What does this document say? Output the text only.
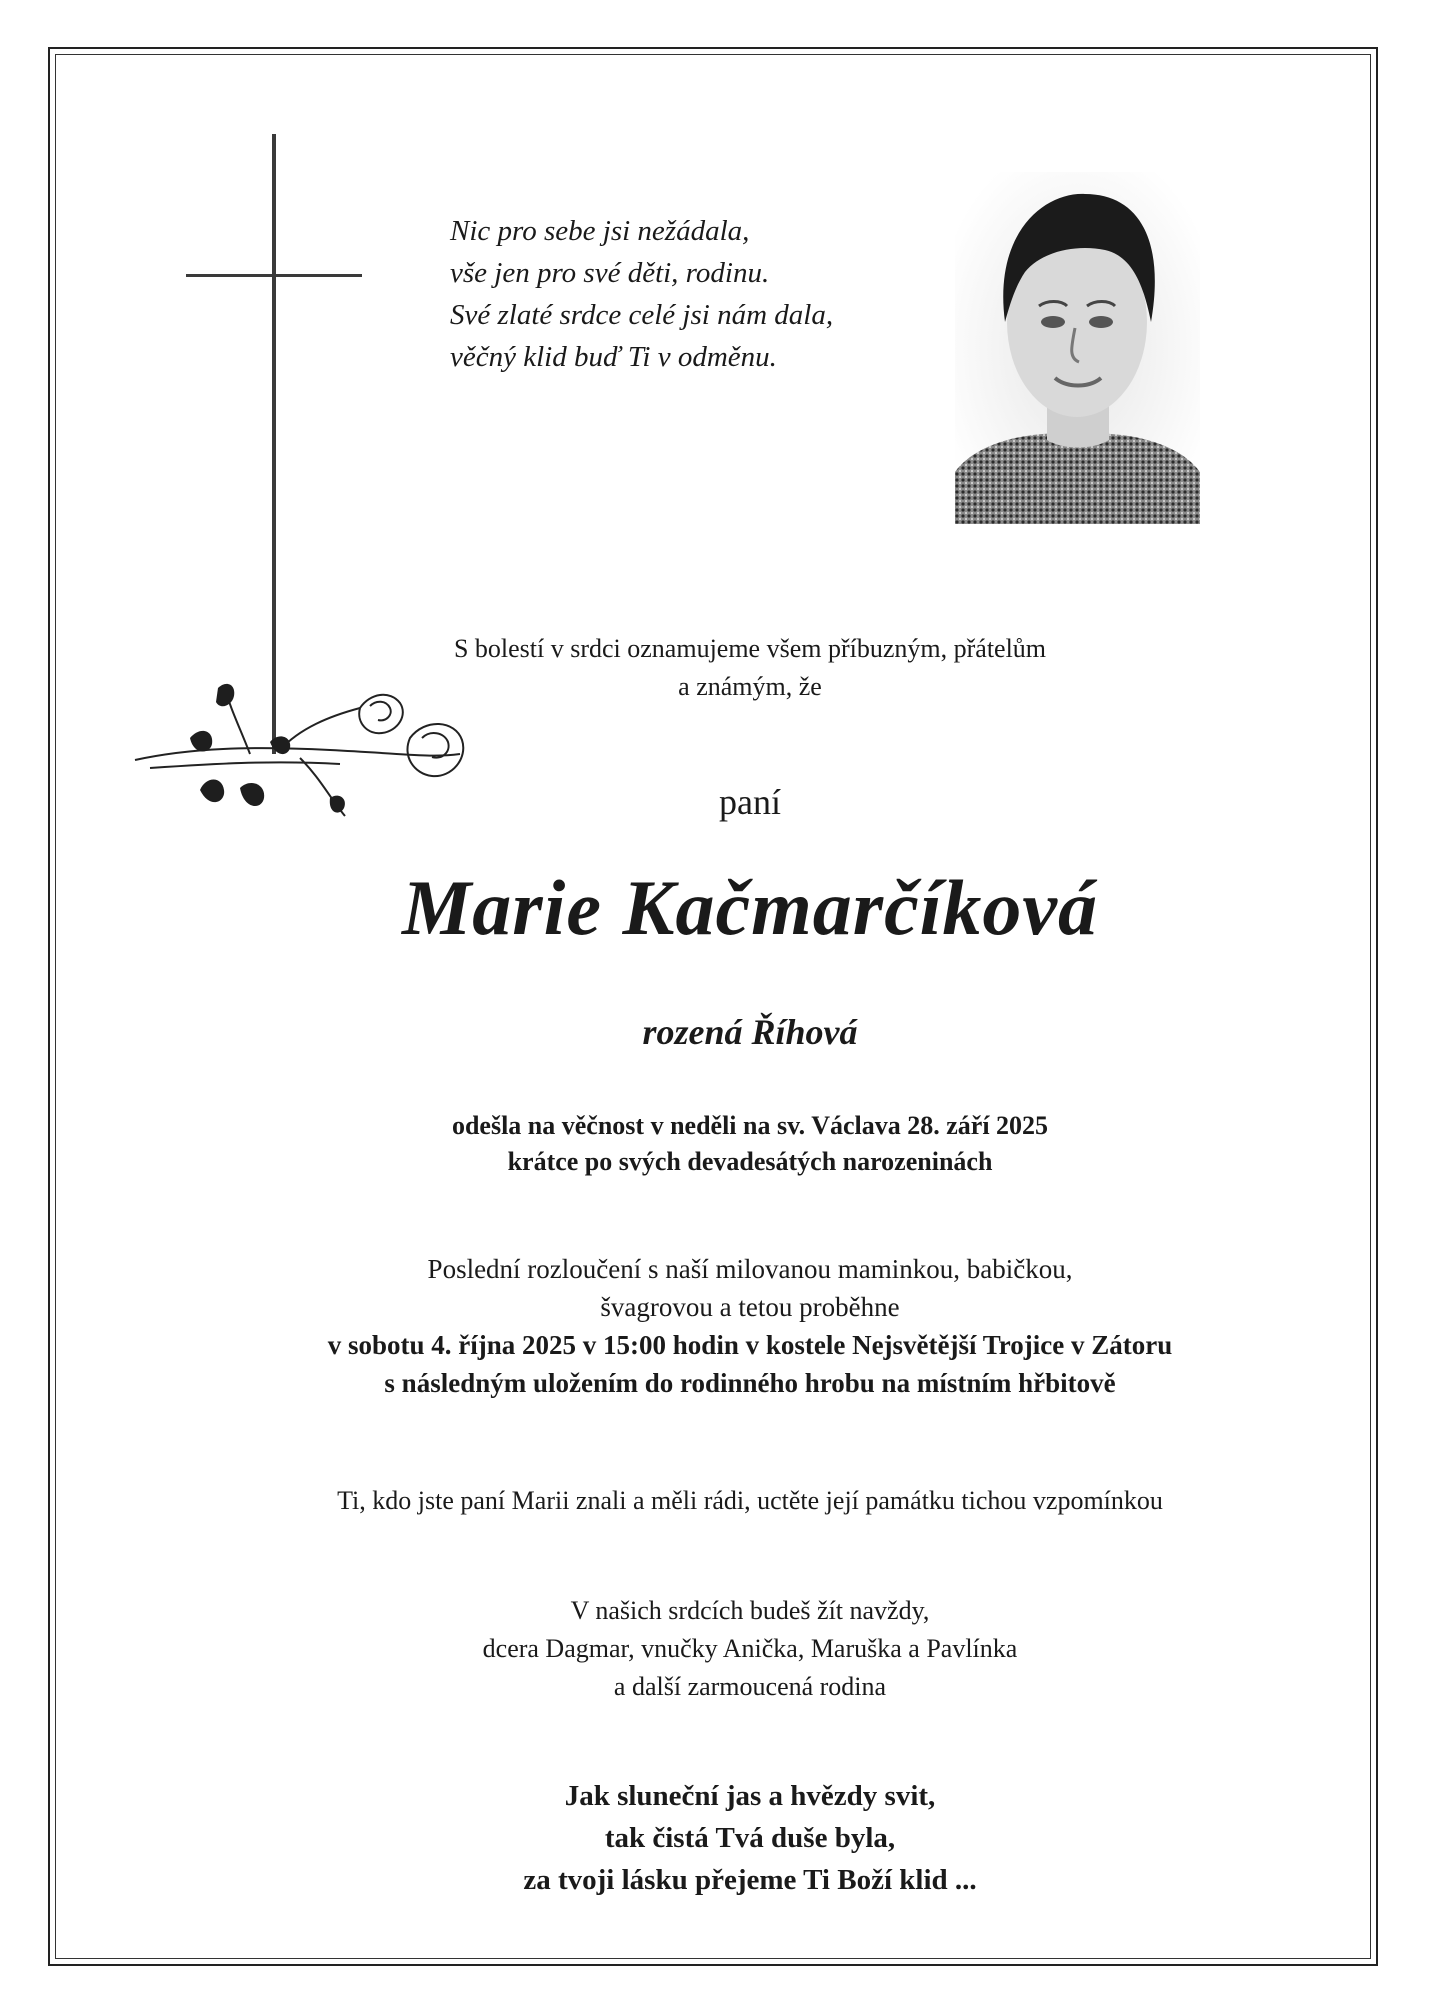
Nic pro sebe jsi nežádala,
vše jen pro své děti, rodinu.
Své zlaté srdce celé jsi nám dala,
věčný klid buď Ti v odměnu.
S bolestí v srdci oznamujeme všem příbuzným, přátelům
a známým, že
paní
Marie Kačmarčíková
rozená Říhová
odešla na věčnost v neděli na sv. Václava 28. září 2025
krátce po svých devadesátých narozeninách
Poslední rozloučení s naší milovanou maminkou, babičkou,
švagrovou a tetou proběhne
v sobotu 4. října 2025 v 15:00 hodin v kostele Nejsvětější Trojice v Zátoru
s následným uložením do rodinného hrobu na místním hřbitově
Ti, kdo jste paní Marii znali a měli rádi, uctěte její památku tichou vzpomínkou
V našich srdcích budeš žít navždy,
dcera Dagmar, vnučky Anička, Maruška a Pavlínka
a další zarmoucená rodina
Jak sluneční jas a hvězdy svit,
tak čistá Tvá duše byla,
za tvoji lásku přejeme Ti Boží klid ...
